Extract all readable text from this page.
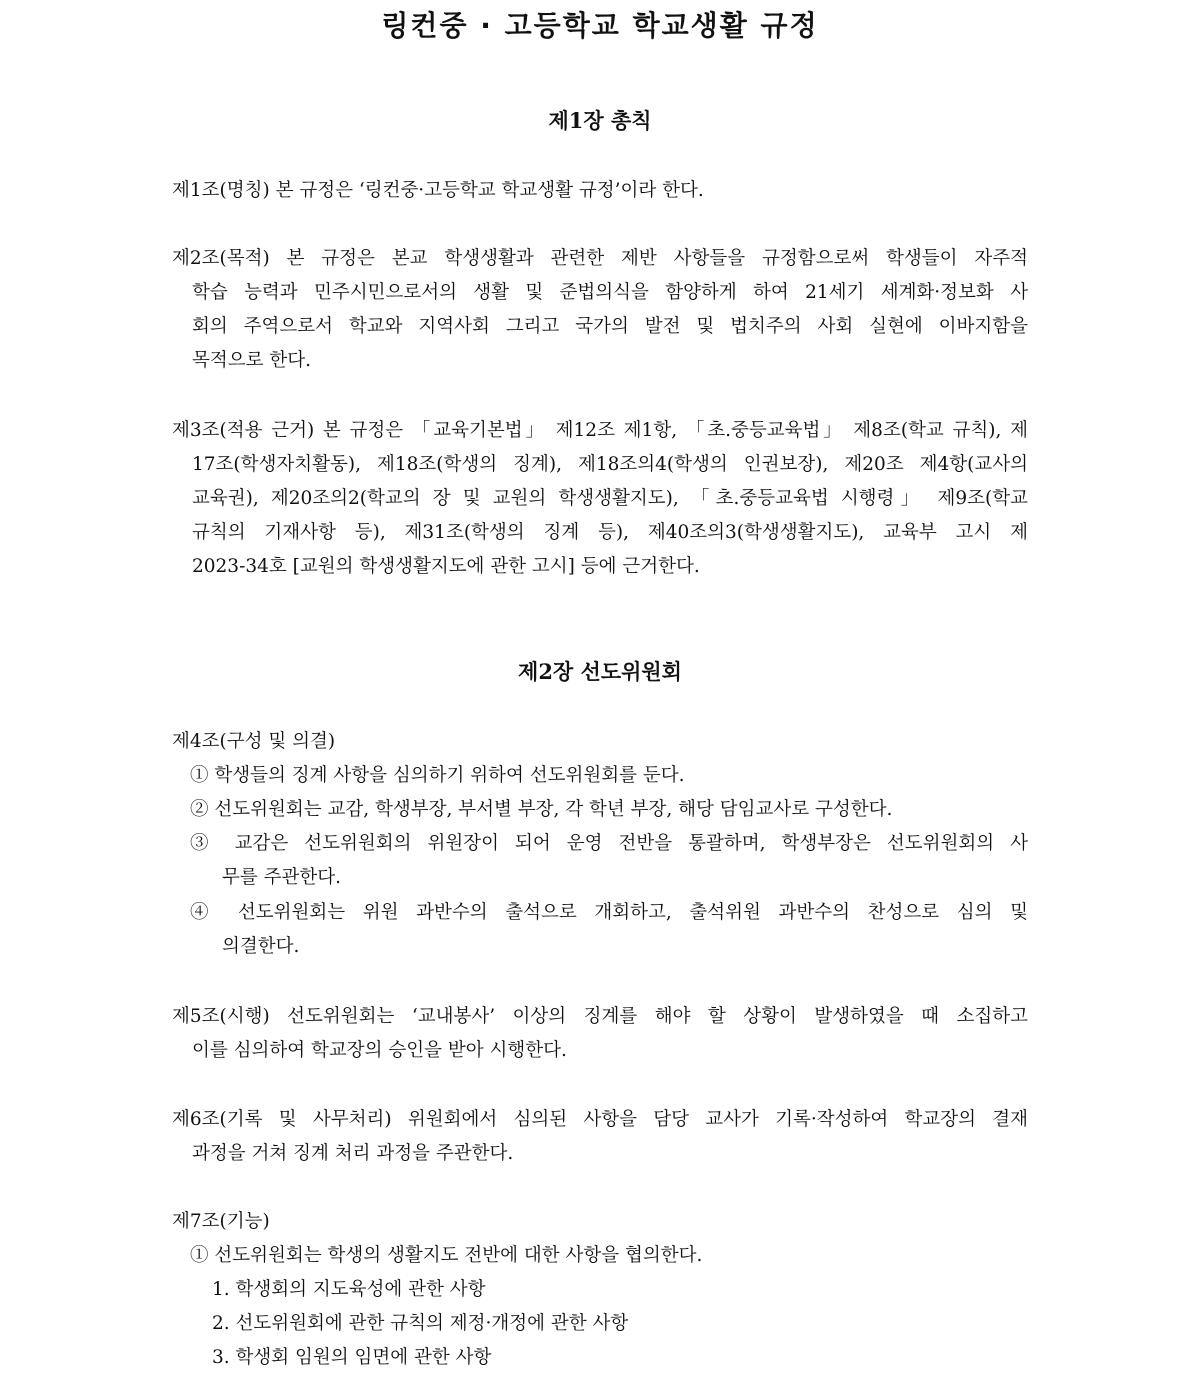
링컨중 · 고등학교 학교생활 규정
제1장 총칙
제1조(명칭) 본 규정은 ‘링컨중·고등학교 학교생활 규정’이라 한다.
제2조(목적) 본 규정은 본교 학생생활과 관련한 제반 사항들을 규정함으로써 학생들이 자주적
학습 능력과 민주시민으로서의 생활 및 준법의식을 함양하게 하여 21세기 세계화·정보화 사
회의 주역으로서 학교와 지역사회 그리고 국가의 발전 및 법치주의 사회 실현에 이바지함을
목적으로 한다.
제3조(적용 근거) 본 규정은 「교육기본법」 제12조 제1항, 「초.중등교육법」 제8조(학교 규칙), 제
17조(학생자치활동), 제18조(학생의 징계), 제18조의4(학생의 인권보장), 제20조 제4항(교사의
교육권), 제20조의2(학교의 장 및 교원의 학생생활지도), 「초.중등교육법 시행령」 제9조(학교
규칙의 기재사항 등), 제31조(학생의 징계 등), 제40조의3(학생생활지도), 교육부 고시 제
2023-34호 [교원의 학생생활지도에 관한 고시] 등에 근거한다.
제2장 선도위원회
제4조(구성 및 의결)
① 학생들의 징계 사항을 심의하기 위하여 선도위원회를 둔다.
② 선도위원회는 교감, 학생부장, 부서별 부장, 각 학년 부장, 해당 담임교사로 구성한다.
③ 교감은 선도위원회의 위원장이 되어 운영 전반을 통괄하며, 학생부장은 선도위원회의 사
무를 주관한다.
④ 선도위원회는 위원 과반수의 출석으로 개회하고, 출석위원 과반수의 찬성으로 심의 및
의결한다.
제5조(시행) 선도위원회는 ‘교내봉사’ 이상의 징계를 해야 할 상황이 발생하였을 때 소집하고
이를 심의하여 학교장의 승인을 받아 시행한다.
제6조(기록 및 사무처리) 위원회에서 심의된 사항을 담당 교사가 기록·작성하여 학교장의 결재
과정을 거쳐 징계 처리 과정을 주관한다.
제7조(기능)
① 선도위원회는 학생의 생활지도 전반에 대한 사항을 협의한다.
1. 학생회의 지도육성에 관한 사항
2. 선도위원회에 관한 규칙의 제정·개정에 관한 사항
3. 학생회 임원의 임면에 관한 사항
